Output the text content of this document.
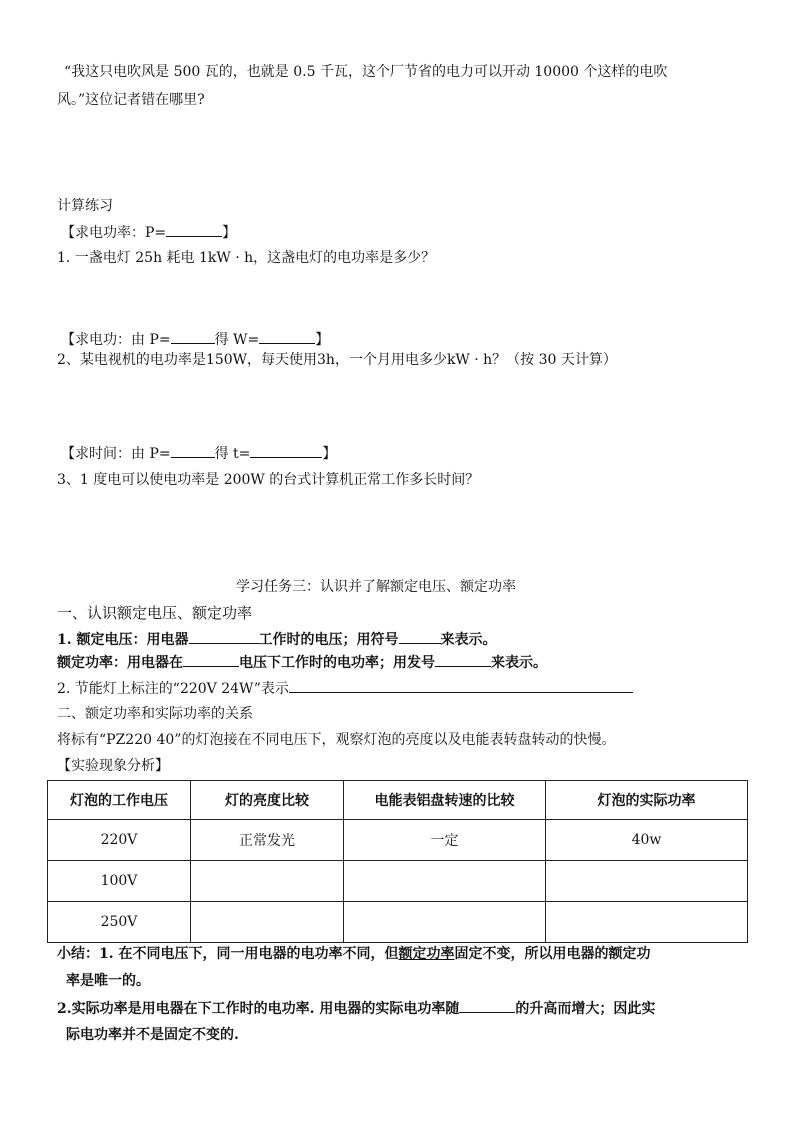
“我这只电吹风是 500 瓦的，也就是 0.5 千瓦，这个厂节省的电力可以开动 10000 个这样的电吹
风。”这位记者错在哪里?
计算练习
【求电功率：P=	】
1. 一盏电灯 25h 耗电 1kW · h，这盏电灯的电功率是多少？
【求电功：由 P=	得 W=	】
2、某电视机的电功率是150W，每天使用3h，一个月用电多少kW · h？（按 30 天计算）
【求时间：由 P=	得 t=	】
3、1 度电可以使电功率是 200W 的台式计算机正常工作多长时间？
学习任务三：认识并了解额定电压、额定功率
一、认识额定电压、额定功率
1. 额定电压：用电器	工作时的电压；用符号	来表示。
额定功率：用电器在	电压下工作时的电功率；用发号	来表示。
2. 节能灯上标注的“220V 24W”表示
二、额定功率和实际功率的关系
将标有“PZ220 40”的灯泡接在不同电压下，观察灯泡的亮度以及电能表转盘转动的快慢。
【实验现象分析】
灯泡的工作电压	灯的亮度比较	电能表铝盘转速的比较	灯泡的实际功率
220V	正常发光	一定	40w
100V			
250V			
小结：1. 在不同电压下，同一用电器的电功率不同，但额定功率固定不变，所以用电器的额定功
率是唯一的。
2.实际功率是用电器在下工作时的电功率. 用电器的实际电功率随	的升高而增大；因此实
际电功率并不是固定不变的.
